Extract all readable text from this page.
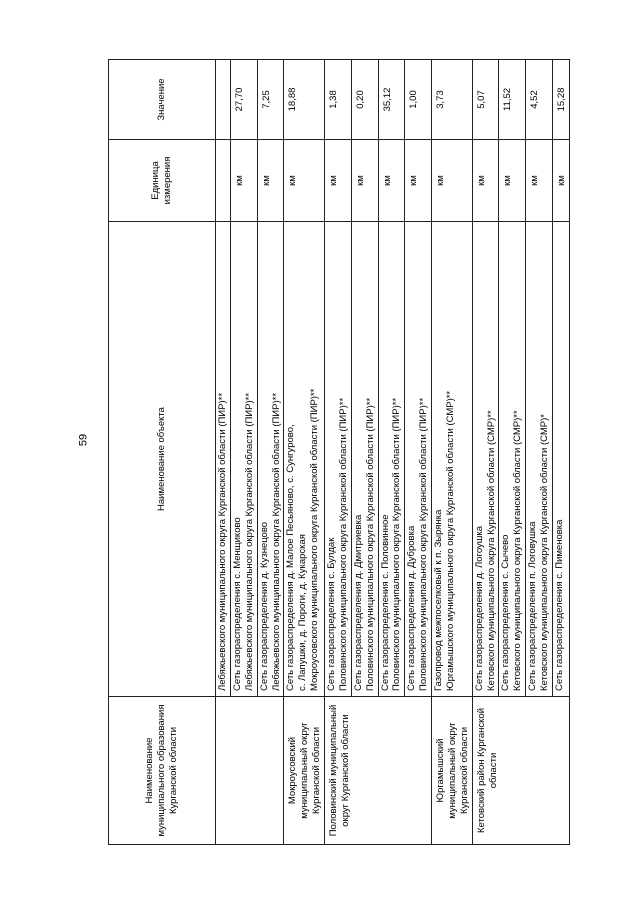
59
Наименование муниципального образования Курганской области	Наименование объекта	Единица измерения	Значение

	Лебяжьевского муниципального округа Курганской области (ПИР)**		

	Сеть газораспределения с. Менщиково Лебяжьевского муниципального округа Курганской области (ПИР)**	км	27,70

	Сеть газораспределения д. Кузнецово Лебяжьевского муниципального округа Курганской области (ПИР)**	км	7,25
Мокроусовский муниципальный округ Курганской области	Сеть газораспределения д. Малое Песьяново, с. Сунгурово, с. Лапушки, д. Пороги, д. Кукарская Мокроусовского муниципального округа Курганской области (ПИР)**	км	18,88
Половинский муниципальный округ Курганской области	Сеть газораспределения с. Булдак Половинского муниципального округа Курганской области (ПИР)**	км	1,38

	Сеть газораспределения д. Дмитриевка Половинского муниципального округа Курганской области (ПИР)**	км	0,20

	Сеть газораспределения с. Половинное Половинского муниципального округа Курганской области (ПИР)**	км	35,12

	Сеть газораспределения д. Дубровка Половинского муниципального округа Курганской области (ПИР)**	км	1,00
Юргамышский муниципальный округ Курганской области	Газопровод межпоселковый к п. Зырянка Юргамышского муниципального округа Курганской области (СМР)**	км	3,73
Кетовский район Курганской области	Сеть газораспределения д. Логоушка Кетовского муниципального округа Курганской области (СМР)**	км	5,07

	Сеть газораспределения с. Сычево Кетовского муниципального округа Курганской области (СМР)**	км	11,52

	Сеть газораспределения п. Логовушка Кетовского муниципального округа Курганской области (СМР)*	км	4,52

	Сеть газораспределения с. Пименовка	км	15,28
